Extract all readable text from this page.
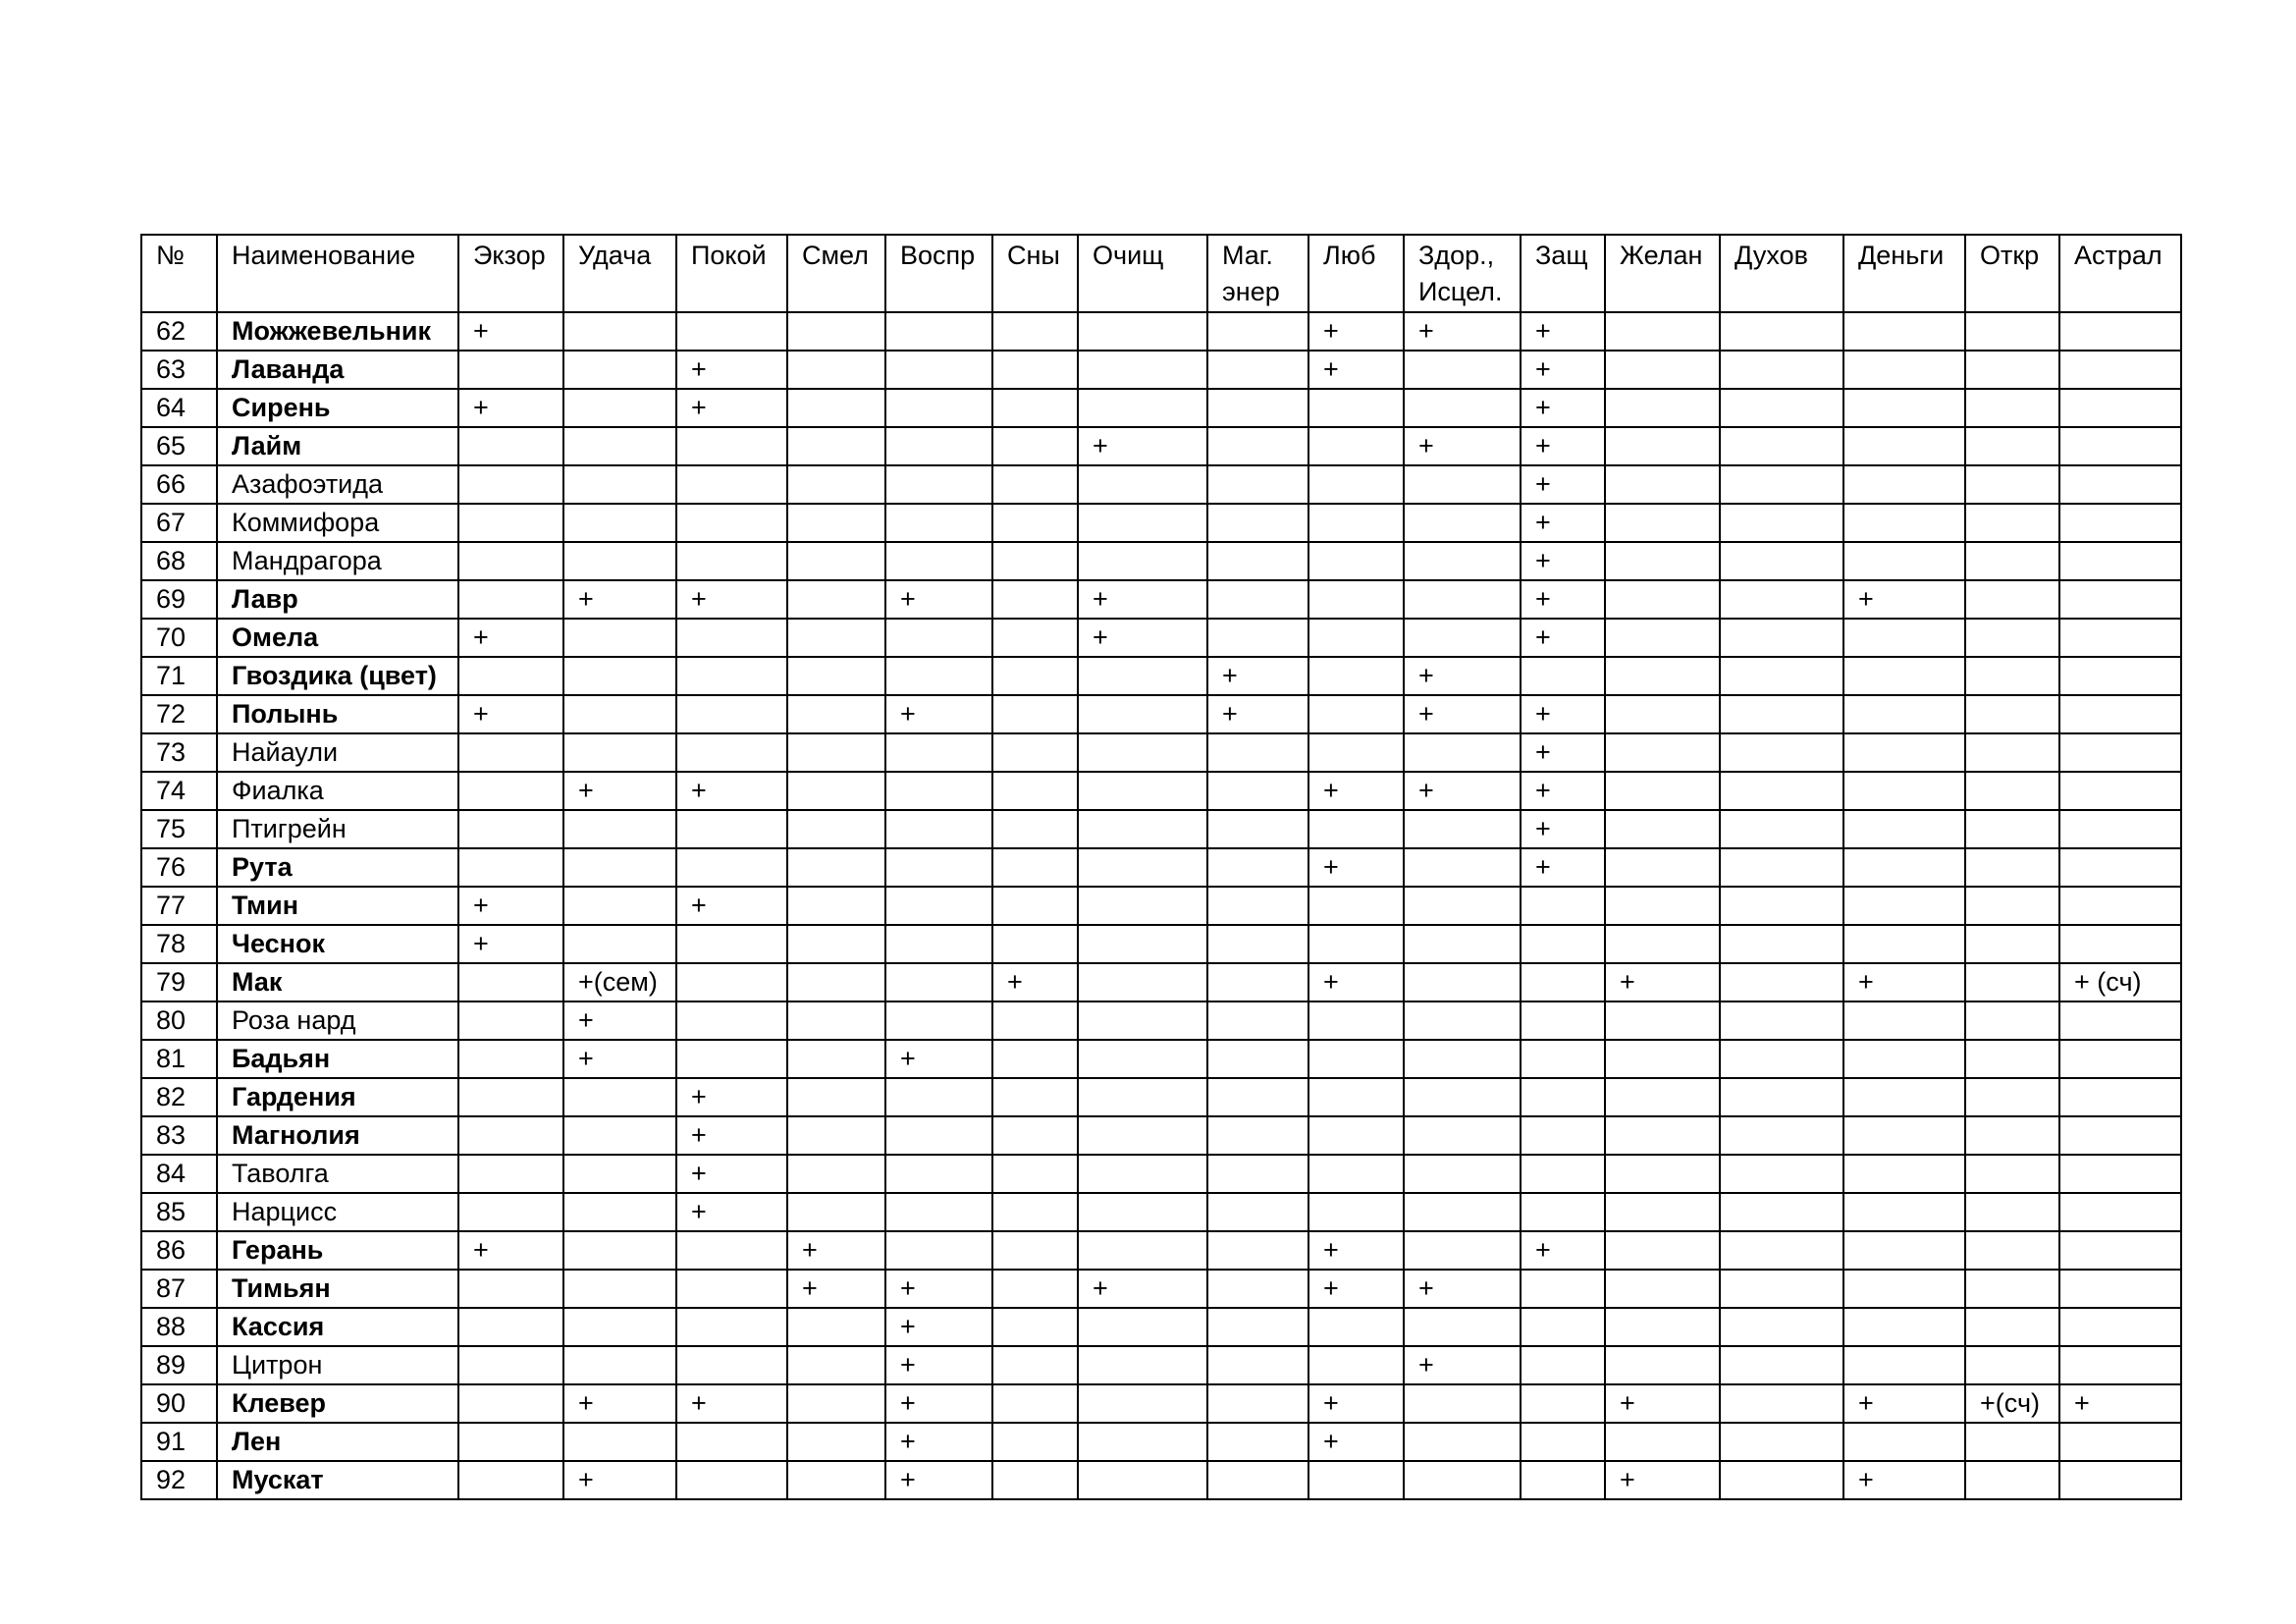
№	Наименование	Экзор	Удача	Покой	Смел	Воспр	Сны	Очищ	Маг. энер	Люб	Здор., Исцел.	Защ	Желан	Духов	Деньги	Откр	Астрал
62	Можжевельник	+								+	+	+					
63	Лаванда			+						+		+					
64	Сирень	+		+								+					
65	Лайм							+			+	+					
66	Азафоэтида											+					
67	Коммифора											+					
68	Мандрагора											+					
69	Лавр		+	+		+		+				+			+		
70	Омела	+						+				+					
71	Гвоздика (цвет)								+		+						
72	Полынь	+				+			+		+	+					
73	Найаули											+					
74	Фиалка		+	+						+	+	+					
75	Птигрейн											+					
76	Рута									+		+					
77	Тмин	+		+													
78	Чеснок	+															
79	Мак		+(сем)				+			+			+		+		+ (сч)
80	Роза нард		+														
81	Бадьян		+			+											
82	Гардения			+													
83	Магнолия			+													
84	Таволга			+													
85	Нарцисс			+													
86	Герань	+			+					+		+					
87	Тимьян				+	+		+		+	+						
88	Кассия					+											
89	Цитрон					+					+						
90	Клевер		+	+		+				+			+		+	+(сч)	+
91	Лен					+				+							
92	Мускат		+			+							+		+		
